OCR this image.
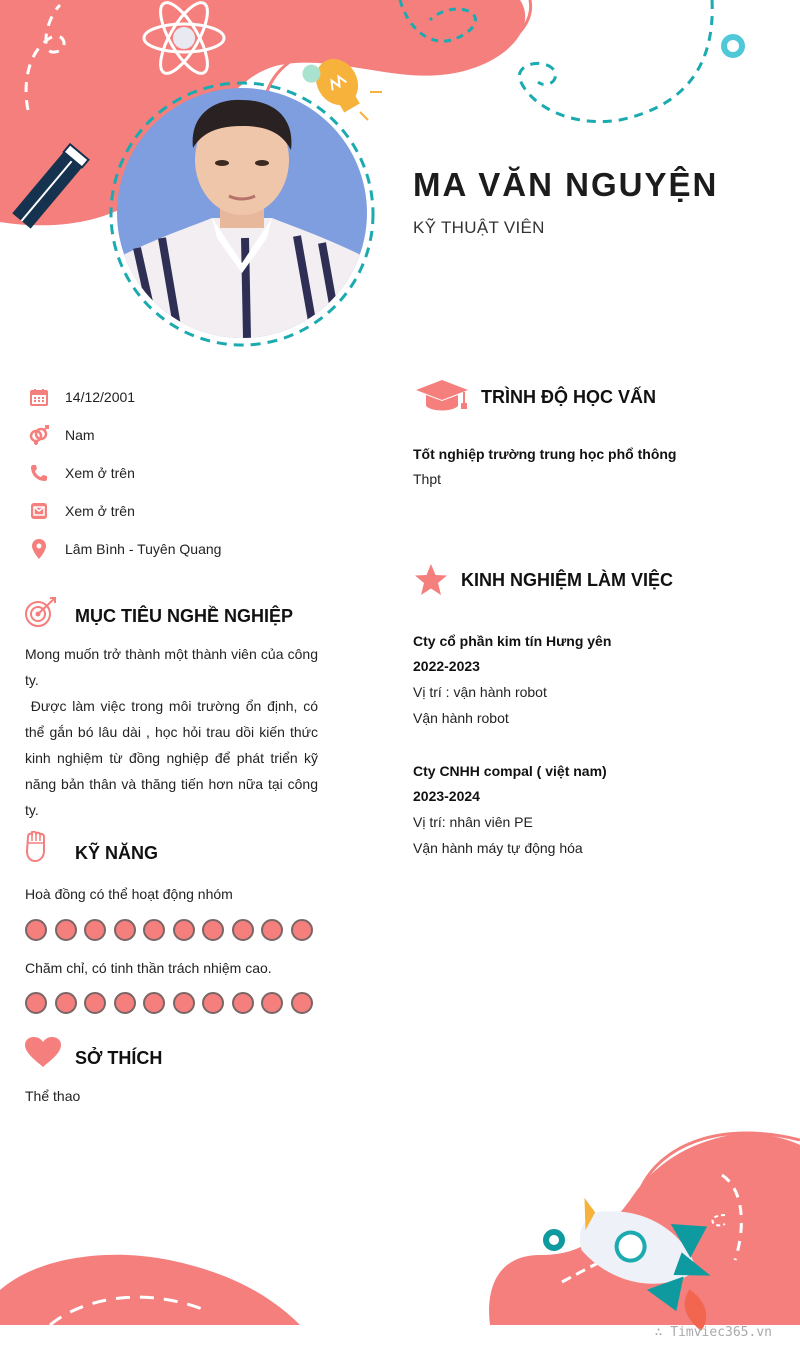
MA VĂN NGUYỆN
KỸ THUẬT VIÊN
14/12/2001
Nam
Xem ở trên
Xem ở trên
Lâm Bình - Tuyên Quang
MỤC TIÊU NGHỀ NGHIỆP
Mong muốn trở thành một thành viên của công ty.
Được làm việc trong môi trường ổn định, có thể gắn bó lâu dài , học hỏi trau dồi kiến thức kinh nghiệm từ đồng nghiệp để phát triển kỹ năng bản thân và thăng tiến hơn nữa tại công ty.
KỸ NĂNG
Hoà đồng có thể hoạt động nhóm
Chăm chỉ, có tinh thần trách nhiệm cao.
SỞ THÍCH
Thể thao
TRÌNH ĐỘ HỌC VẤN
Tốt nghiệp trường trung học phổ thông
Thpt
KINH NGHIỆM LÀM VIỆC
Cty cổ phần kim tín Hưng yên
2022-2023
Vị trí : vận hành robot
Vận hành robot
Cty CNHH compal ( việt nam)
2023-2024
Vị trí: nhân viên PE
Vận hành máy tự động hóa
∴ Timviec365.vn
